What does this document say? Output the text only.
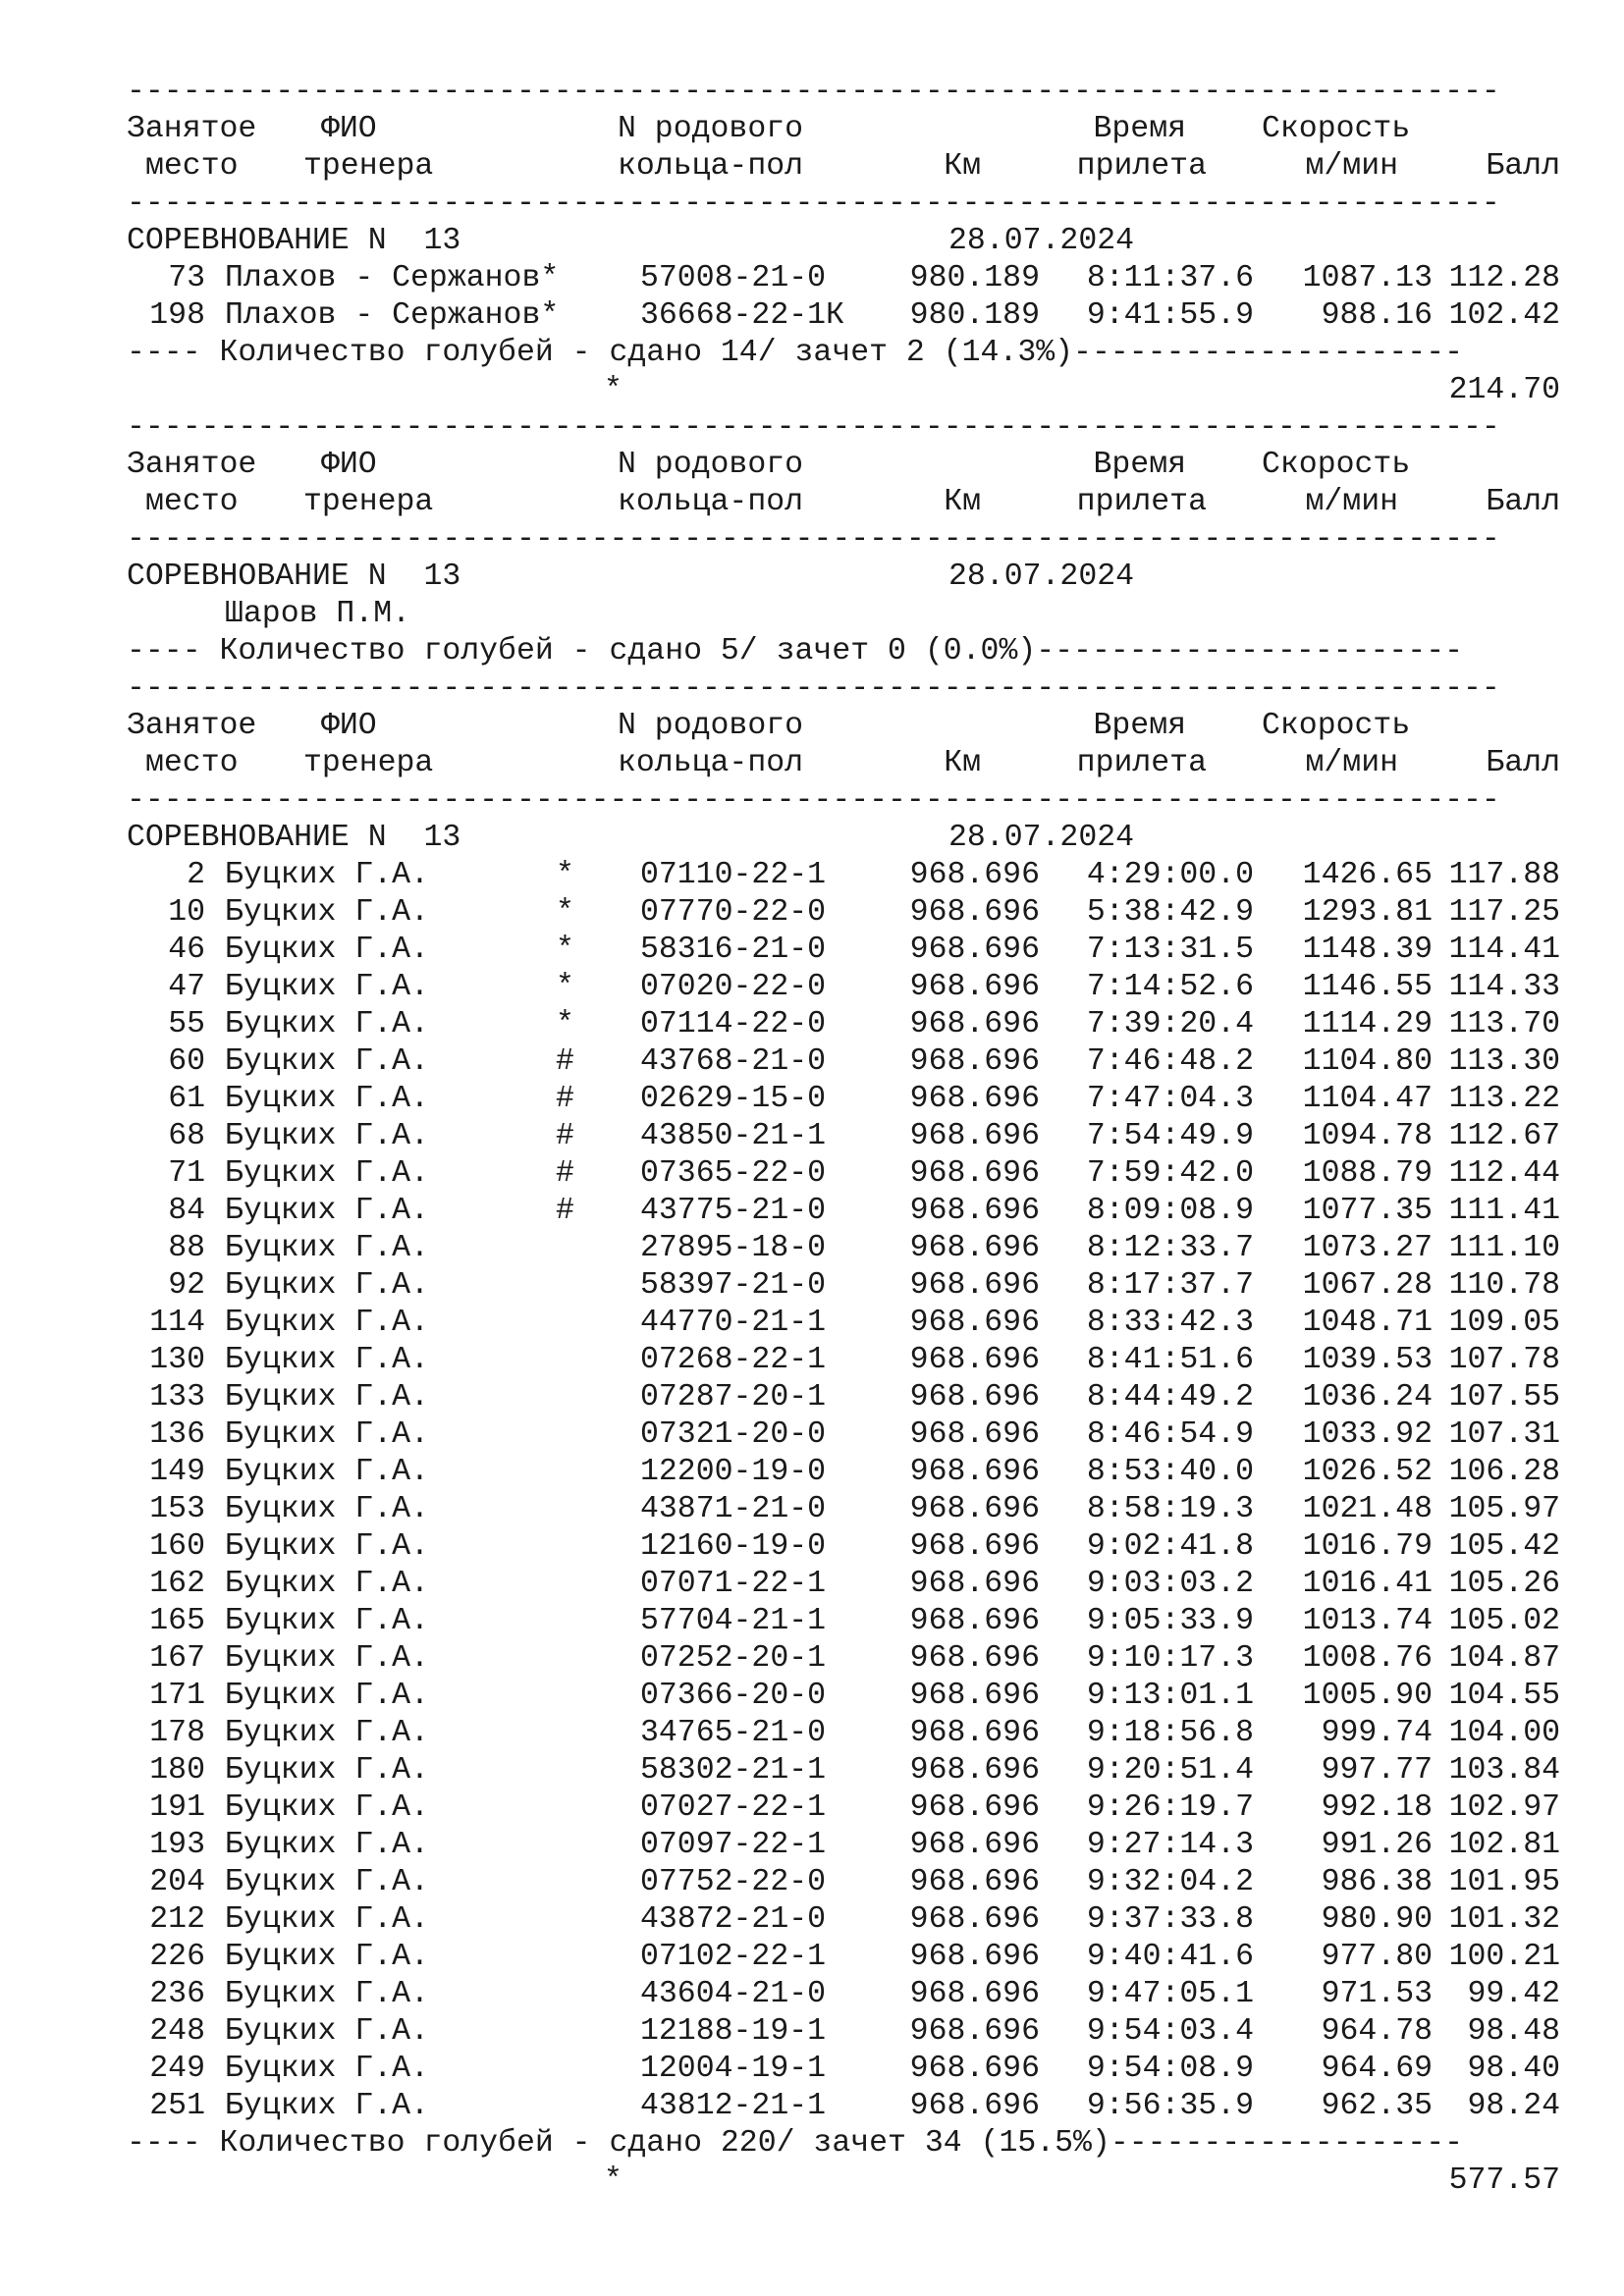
--------------------------------------------------------------------------
Занятое ФИО	N родового	Время Скорость
место тренера	кольца-пол	Км	прилета	м/мин	Балл
--------------------------------------------------------------------------
СОРЕВНОВАНИЕ N  13	28.07.2024
73 Плахов - Сержанов*	57008-21-0	980.189 8:11:37.6 1087.13 112.28
198 Плахов - Сержанов*	36668-22-1К 980.189 9:41:55.9 988.16 102.42
---- Количество голубей - сдано 14/ зачет 2 (14.3%)---------------------
*	214.70
--------------------------------------------------------------------------
Занятое ФИО	N родового	Время Скорость
место тренера	кольца-пол	Км	прилета	м/мин	Балл
--------------------------------------------------------------------------
СОРЕВНОВАНИЕ N  13	28.07.2024
Шаров П.М.
---- Количество голубей - сдано 5/ зачет 0 (0.0%)-----------------------
--------------------------------------------------------------------------
Занятое ФИО	N родового	Время Скорость
место тренера	кольца-пол	Км	прилета	м/мин	Балл
--------------------------------------------------------------------------
СОРЕВНОВАНИЕ N  13	28.07.2024
2 Буцких Г.А.	* 07110-22-1	968.696 4:29:00.0 1426.65 117.88
10 Буцких Г.А.	* 07770-22-0	968.696 5:38:42.9 1293.81 117.25
46 Буцких Г.А.	* 58316-21-0	968.696 7:13:31.5 1148.39 114.41
47 Буцких Г.А.	* 07020-22-0	968.696 7:14:52.6 1146.55 114.33
55 Буцких Г.А.	* 07114-22-0	968.696 7:39:20.4 1114.29 113.70
60 Буцких Г.А.	# 43768-21-0	968.696 7:46:48.2 1104.80 113.30
61 Буцких Г.А.	# 02629-15-0	968.696 7:47:04.3 1104.47 113.22
68 Буцких Г.А.	# 43850-21-1	968.696 7:54:49.9 1094.78 112.67
71 Буцких Г.А.	# 07365-22-0	968.696 7:59:42.0 1088.79 112.44
84 Буцких Г.А.	# 43775-21-0	968.696 8:09:08.9 1077.35 111.41
88 Буцких Г.А.	27895-18-0	968.696 8:12:33.7 1073.27 111.10
92 Буцких Г.А.	58397-21-0	968.696 8:17:37.7 1067.28 110.78
114 Буцких Г.А.	44770-21-1	968.696 8:33:42.3 1048.71 109.05
130 Буцких Г.А.	07268-22-1	968.696 8:41:51.6 1039.53 107.78
133 Буцких Г.А.	07287-20-1	968.696 8:44:49.2 1036.24 107.55
136 Буцких Г.А.	07321-20-0	968.696 8:46:54.9 1033.92 107.31
149 Буцких Г.А.	12200-19-0	968.696 8:53:40.0 1026.52 106.28
153 Буцких Г.А.	43871-21-0	968.696 8:58:19.3 1021.48 105.97
160 Буцких Г.А.	12160-19-0	968.696 9:02:41.8 1016.79 105.42
162 Буцких Г.А.	07071-22-1	968.696 9:03:03.2 1016.41 105.26
165 Буцких Г.А.	57704-21-1	968.696 9:05:33.9 1013.74 105.02
167 Буцких Г.А.	07252-20-1	968.696 9:10:17.3 1008.76 104.87
171 Буцких Г.А.	07366-20-0	968.696 9:13:01.1 1005.90 104.55
178 Буцких Г.А.	34765-21-0	968.696 9:18:56.8 999.74 104.00
180 Буцких Г.А.	58302-21-1	968.696 9:20:51.4 997.77 103.84
191 Буцких Г.А.	07027-22-1	968.696 9:26:19.7 992.18 102.97
193 Буцких Г.А.	07097-22-1	968.696 9:27:14.3 991.26 102.81
204 Буцких Г.А.	07752-22-0	968.696 9:32:04.2 986.38 101.95
212 Буцких Г.А.	43872-21-0	968.696 9:37:33.8 980.90 101.32
226 Буцких Г.А.	07102-22-1	968.696 9:40:41.6 977.80 100.21
236 Буцких Г.А.	43604-21-0	968.696 9:47:05.1 971.53 99.42
248 Буцких Г.А.	12188-19-1	968.696 9:54:03.4 964.78 98.48
249 Буцких Г.А.	12004-19-1	968.696 9:54:08.9 964.69 98.40
251 Буцких Г.А.	43812-21-1	968.696 9:56:35.9 962.35 98.24
---- Количество голубей - сдано 220/ зачет 34 (15.5%)-------------------
*	577.57
